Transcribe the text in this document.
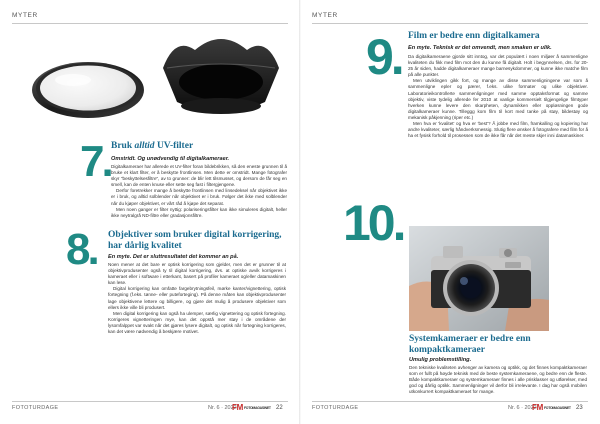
MYTER
7. Bruk alltid UV-filter
Omstridt. Og unødvendig til digitalkameraer.

Digitalkameraer har allerede et UV-filter foran bildebrikken, så den eneste grunnen til å bruke et klart filter, er å beskytte frontlinsen. Men dette er omstridt. Mange fotografer skyr "beskyttelsesfiltre", av to grunner: de blir lett tilsmusset, og dersom de får seg en smell, kan de enten knuse eller sette seg fast i filtergjengene.

Derfor foretrekker mange å beskytte frontlinsen med linsedeksel når objektivet ikke er i bruk, og alltid solblender når objektivet er i bruk. Følger det ikke med solblender når du kjøper objektivet, er vårt råd å kjøpe det separat.

Men noen ganger er filter nyttig: polariseringsfilter kan ikke simuleres digitalt, heller ikke neytralgrå ND-filtre eller gradasjonsfiltre.

8. Objektiver som bruker digital korrigering, har dårlig kvalitet
En myte. Det er sluttresultatet det kommer an på.

Noen mener at det bare er optisk korrigering som gjelder, men det er grunner til at objektivprodusenter også ty til digital korrigering, dvs. at optiske avvik korrigeres i kameraet eller i software i etterkant, basert på profiler kameraet og/eller datamaskinen kan lese.

Digital korrigering kan omfatte fargebrytningsfeil, mørke kanter/vignettering, optisk fortegning (f.eks. tønne- eller puteforteging). På denne måten kan objektivprodusenter lage objektivene lettere og billigere, og gjøre det mulig å produsere objektiver som ellers ikke ville bli produsert.

Men digital korrigering kan også ha ulemper, særlig vignettering og optisk fortegning. Korrigeres vignetteringen mye, kan det oppstå mer støy i de områdene der lysomfalppet var svakt når det gjøres lysere digitalt, og optisk når fortegning korrigeres, kan det være nødvendig å beskjære motivet.

FOTOTURDAGE	Nr. 6 · 2022
FMFOTOMAGASINET 22
MYTER
9. Film er bedre enn digitalkamera
En myte. Teknisk er det omvendt, men smaken er ulik.

Da digitalkameraene gjorde sitt inntog, var det populært i noen miljøer å sammenligne kvaliteten du fikk med film mot den du kunne få digitalt. Holt i begynnelsen, drs. for 20-25 år siden, hadde digitalkameraer mange barnesykdommer, og kunne ikke matche film på alle punkter.

Men utviklingen gikk fort, og mange av disse sammenligningene var som å sammenligne epler og pærer, f.eks. ulike formater og ulike objektiver. Laboratorieikontrollerte sammenligninger med samme opptaksformat og samme objektiv, viste tydelig allerede fer 2010 at vanlige kommersielt tilgjengelige filmtyper hverken kunne levere den skarpheten, dynamikken eller oppløsningen gode digitalkameraer kunne. Tilleggg kom film til kort med tanke på støy, bildestøy og mekanisk påkjenning (riper etc.)

Men hva er 'kvalitet' og hva er 'best'? Å jobbe med film, framkalling og kopiering har andre kvaliteter, særlig håndverksmessig. Slutig flere ønsker å fotografere med film for å ha et fysisk forhold til prosessen som de ikke får når det meste skjer inni datamaskiner.

10.
Systemkameraer er bedre enn kompaktkameraer
Umulig problemstilling.

Den tekniske kvaliteten avhenger av kamera og optikk, og det finnes kompaktkameraer som er fullt på høyde teknisk med de beste systemkameraene, og bedre enn de fleste. Både kompaktkameraer og systemkameraer finnes i alle prisklasser og utførelser, med god og dårlig optikk. Sammenligninger vil derfor bli irrelevante. I dag har også mobilen utkonkurrert kompaktkameraet for mange.

FOTOTURDAGE	Nr. 6 · 2022
FMFOTOMAGASINET 23
